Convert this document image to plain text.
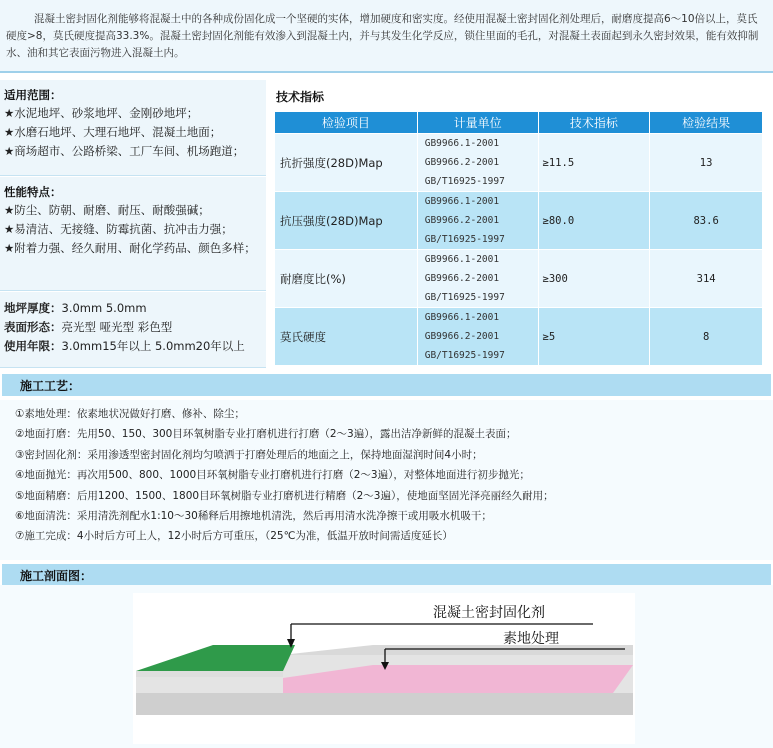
混凝土密封固化剂能够将混凝土中的各种成份固化成一个坚硬的实体，增加硬度和密实度。经使用混凝土密封固化剂处理后，耐磨度提高6～10倍以上，莫氏硬度>8，莫氏硬度提高33.3%。混凝土密封固化剂能有效渗入到混凝土内，并与其发生化学反应，锁住里面的毛孔，对混凝土表面起到永久密封效果，能有效抑制水、油和其它表面污物进入混凝土内。
适用范围：
★水泥地坪、砂浆地坪、金刚砂地坪；
★水磨石地坪、大理石地坪、混凝土地面；
★商场超市、公路桥梁、工厂车间、机场跑道；
性能特点：
★防尘、防朝、耐磨、耐压、耐酸强碱；
★易清洁、无接缝、防霉抗菌、抗冲击力强；
★附着力强、经久耐用、耐化学药品、颜色多样；
地坪厚度：3.0mm 5.0mm
表面形态：亮光型 哑光型 彩色型
使用年限：3.0mm15年以上 5.0mm20年以上
技术指标
检验项目	计量单位	技术指标	检验结果
抗折强度(28D)Map	GB9966.1-2001
GB9966.2-2001
GB/T16925-1997	≥11.5	13
抗压强度(28D)Map	GB9966.1-2001
GB9966.2-2001
GB/T16925-1997	≥80.0	83.6
耐磨度比(%)	GB9966.1-2001
GB9966.2-2001
GB/T16925-1997	≥300	314
莫氏硬度	GB9966.1-2001
GB9966.2-2001
GB/T16925-1997	≥5	8
施工工艺：
①素地处理：依素地状况做好打磨、修补、除尘；
②地面打磨：先用50、150、300目环氧树脂专业打磨机进行打磨（2～3遍），露出洁净新鲜的混凝土表面；
③密封固化剂：采用渗透型密封固化剂均匀喷洒于打磨处理后的地面之上，保持地面湿润时间4小时；
④地面抛光：再次用500、800、1000目环氧树脂专业打磨机进行打磨（2～3遍），对整体地面进行初步抛光；
⑤地面精磨：后用1200、1500、1800目环氧树脂专业打磨机进行精磨（2～3遍），使地面坚固光泽亮丽经久耐用；
⑥地面清洗：采用清洗剂配水1:10～30稀释后用擦地机清洗，然后再用清水洗净擦干或用吸水机吸干；
⑦施工完成：4小时后方可上人，12小时后方可重压，（25℃为准，低温开放时间需适度延长）
施工剖面图：
混凝土密封固化剂
素地处理
